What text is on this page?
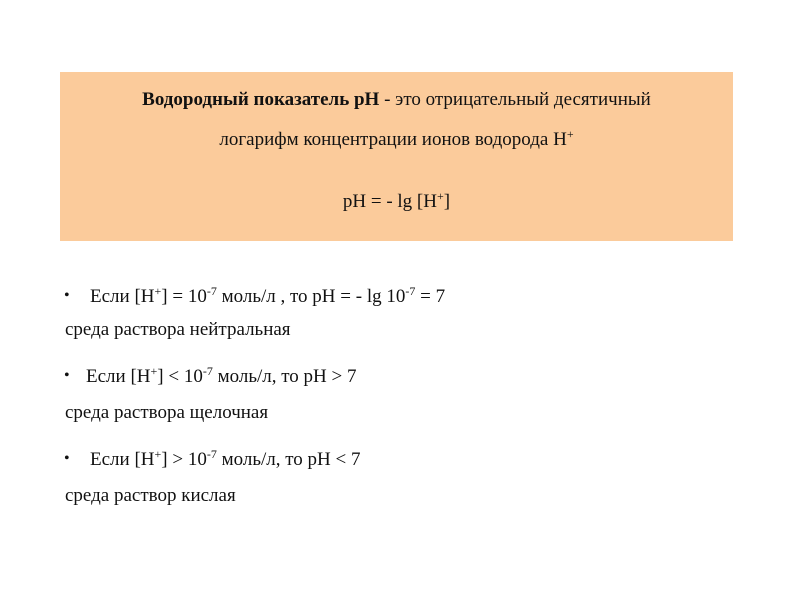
Водородный показатель рН - это отрицательный десятичный
логарифм концентрации ионов водорода Н+
рН = - lg [Н+]
• Если $[Н^+] = 10^{-7}$ моль/л , то рН = - $\lg 10^{-7} = 7$
среда раствора нейтральная
• Если $[Н^+] < 10^{-7}$ моль/л, то рН > 7
среда раствора щелочная
• Если $[Н^+] > 10^{-7}$ моль/л, то рН < 7
среда раствор кислая
